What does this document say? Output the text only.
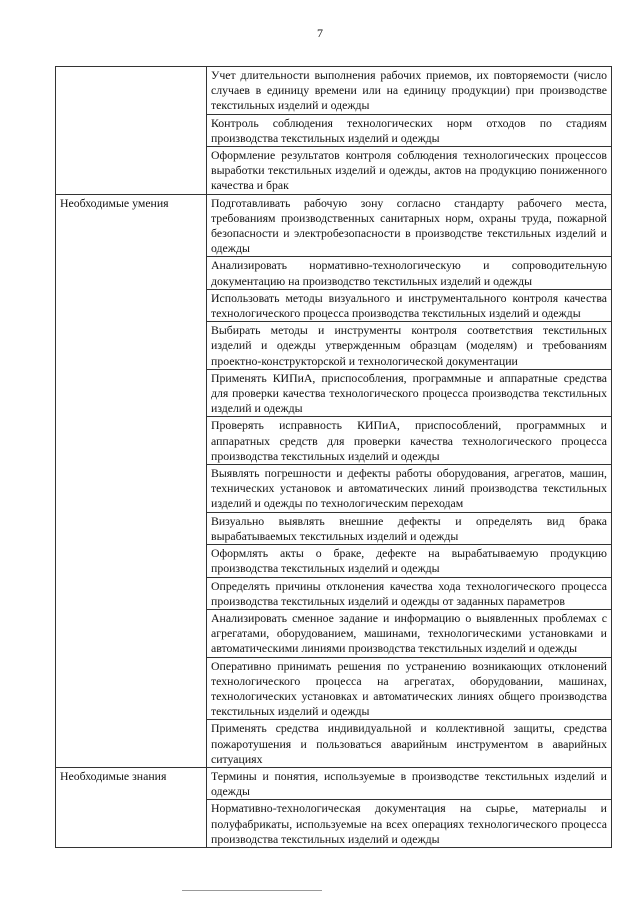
7
	Учет длительности выполнения рабочих приемов, их повторяемости (число случаев в единицу времени или на единицу продукции) при производстве текстильных изделий и одежды
	Контроль соблюдения технологических норм отходов по стадиям производства текстильных изделий и одежды
	Оформление результатов контроля соблюдения технологических процессов выработки текстильных изделий и одежды, актов на продукцию пониженного качества и брак
Необходимые умения	Подготавливать рабочую зону согласно стандарту рабочего места, требованиям производственных санитарных норм, охраны труда, пожарной безопасности и электробезопасности в производстве текстильных изделий и одежды
	Анализировать нормативно-технологическую и сопроводительную документацию на производство текстильных изделий и одежды
	Использовать методы визуального и инструментального контроля качества технологического процесса производства текстильных изделий и одежды
	Выбирать методы и инструменты контроля соответствия текстильных изделий и одежды утвержденным образцам (моделям) и требованиям проектно-конструкторской и технологической документации
	Применять КИПиА, приспособления, программные и аппаратные средства для проверки качества технологического процесса производства текстильных изделий и одежды
	Проверять исправность КИПиА, приспособлений, программных и аппаратных средств для проверки качества технологического процесса производства текстильных изделий и одежды
	Выявлять погрешности и дефекты работы оборудования, агрегатов, машин, технических установок и автоматических линий производства текстильных изделий и одежды по технологическим переходам
	Визуально выявлять внешние дефекты и определять вид брака вырабатываемых текстильных изделий и одежды
	Оформлять акты о браке, дефекте на вырабатываемую продукцию производства текстильных изделий и одежды
	Определять причины отклонения качества хода технологического процесса производства текстильных изделий и одежды от заданных параметров
	Анализировать сменное задание и информацию о выявленных проблемах с агрегатами, оборудованием, машинами, технологическими установками и автоматическими линиями производства текстильных изделий и одежды
	Оперативно принимать решения по устранению возникающих отклонений технологического процесса на агрегатах, оборудовании, машинах, технологических установках и автоматических линиях общего производства текстильных изделий и одежды
	Применять средства индивидуальной и коллективной защиты, средства пожаротушения и пользоваться аварийным инструментом в аварийных ситуациях
Необходимые знания	Термины и понятия, используемые в производстве текстильных изделий и одежды
	Нормативно-технологическая документация на сырье, материалы и полуфабрикаты, используемые на всех операциях технологического процесса производства текстильных изделий и одежды
